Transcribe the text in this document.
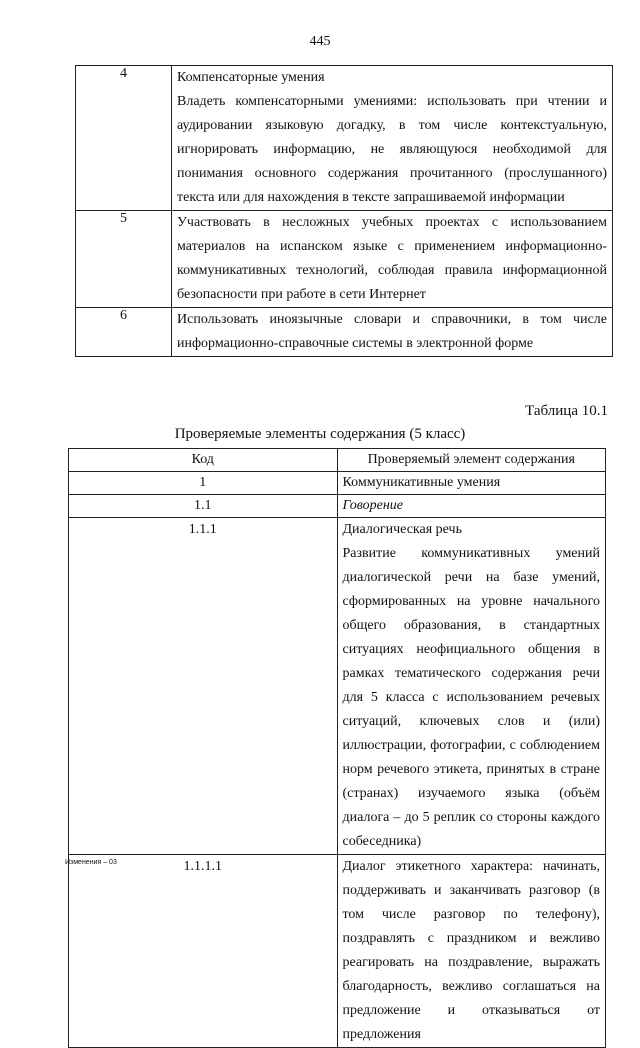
445
4	Компенсаторные умения

Владеть компенсаторными умениями: использовать при чтении и аудировании языковую догадку, в том числе контекстуальную, игнорировать информацию, не являющуюся необходимой для понимания основного содержания прочитанного (прослушанного) текста или для нахождения в тексте запрашиваемой информации

5	Участвовать в несложных учебных проектах с использованием материалов на испанском языке с применением информационно-коммуникативных технологий, соблюдая правила информационной безопасности при работе в сети Интернет

6	Использовать иноязычные словари и справочники, в том числе информационно-справочные системы в электронной форме

Таблица 10.1
Проверяемые элементы содержания (5 класс)
Код	Проверяемый элемент содержания
1	Коммуникативные умения
1.1	Говорение
1.1.1	Диалогическая речь

Развитие коммуникативных умений диалогической речи на базе умений, сформированных на уровне начального общего образования, в стандартных ситуациях неофициального общения в рамках тематического содержания речи для 5 класса с использованием речевых ситуаций, ключевых слов и (или) иллюстрации, фотографии, с соблюдением норм речевого этикета, принятых в стране (странах) изучаемого языка (объём диалога – до 5 реплик со стороны каждого собеседника)

1.1.1.1	Диалог этикетного характера: начинать, поддерживать и заканчивать разговор (в том числе разговор по телефону), поздравлять с праздником и вежливо реагировать на поздравление, выражать благодарность, вежливо соглашаться на предложение и отказываться от предложения

Изменения – 03
